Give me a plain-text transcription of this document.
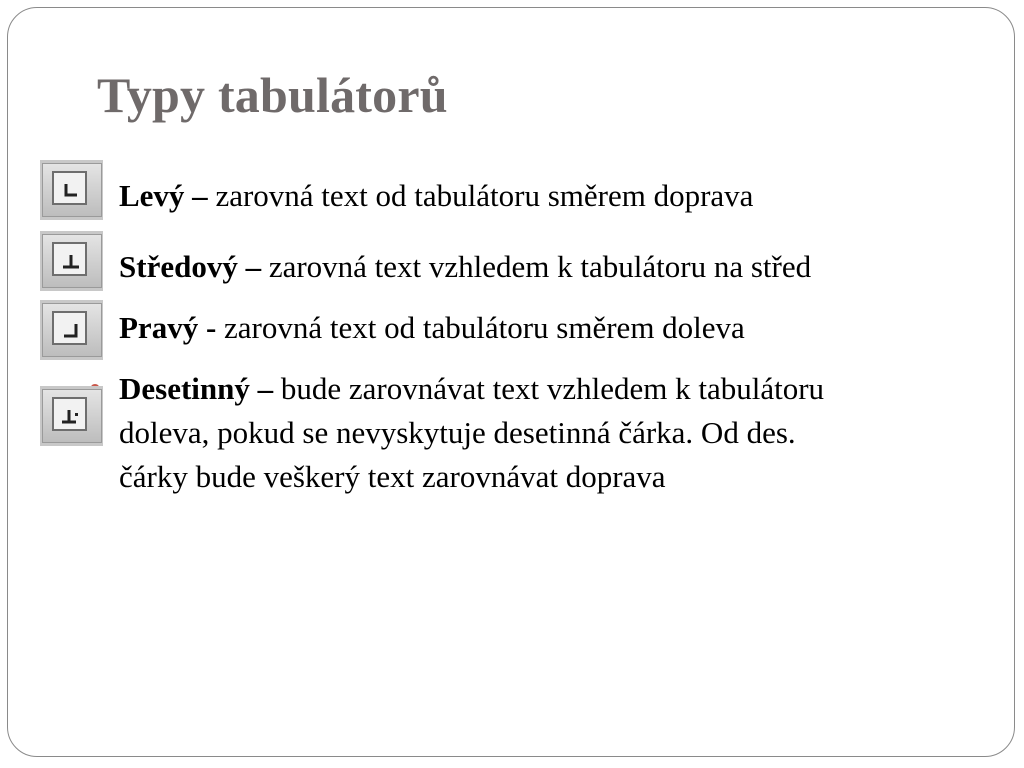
Typy tabulátorů
Levý – zarovná text od tabulátoru směrem doprava
Středový – zarovná text vzhledem k tabulátoru na střed
Pravý - zarovná text od tabulátoru směrem doleva
Desetinný – bude zarovnávat text vzhledem k tabulátoru
doleva, pokud se nevyskytuje desetinná čárka. Od des.
čárky bude veškerý text zarovnávat doprava
